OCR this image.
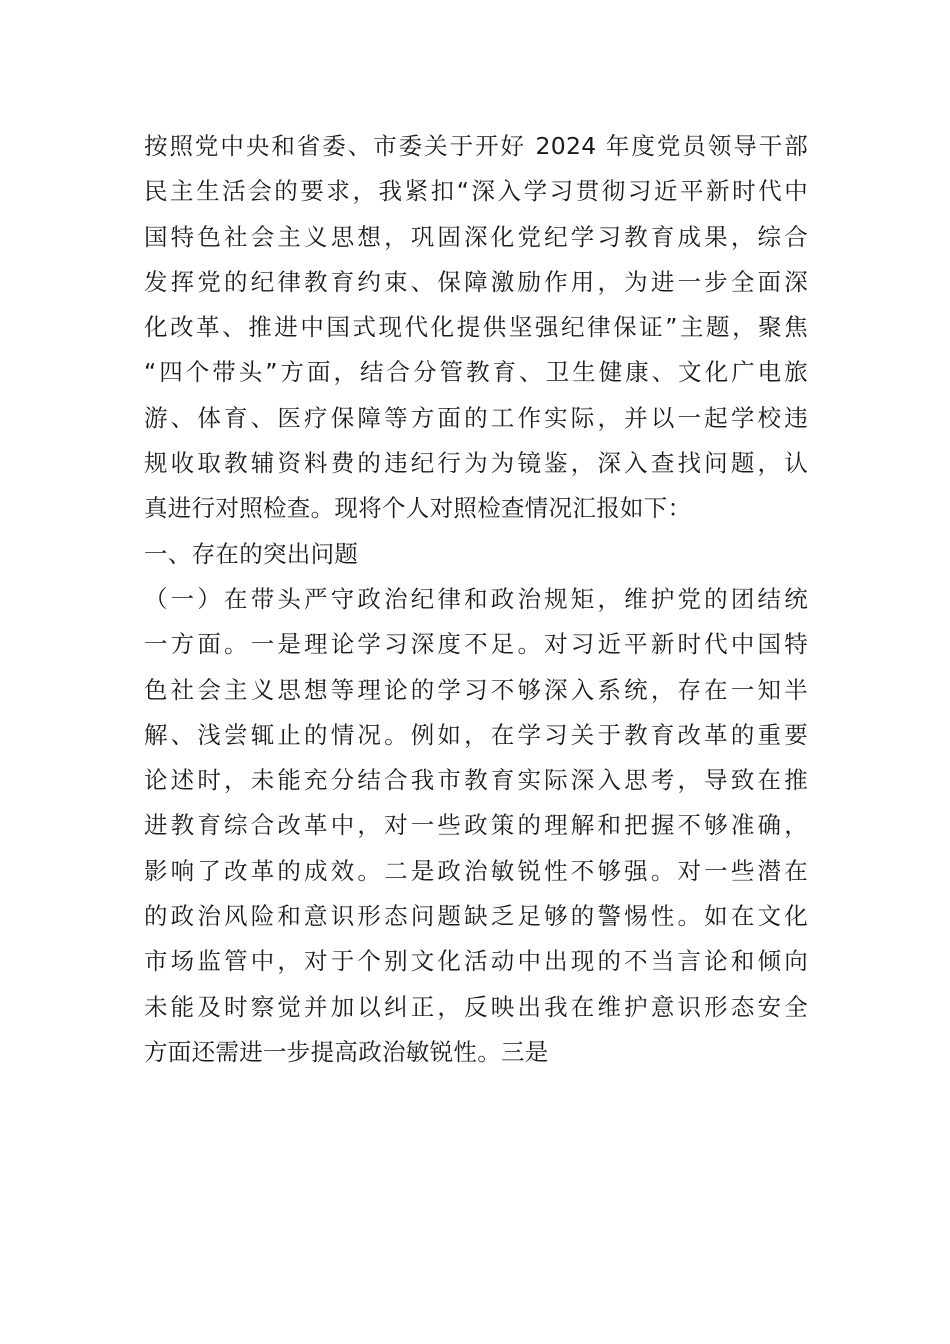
按照党中央和省委、市委关于开好 2024 年度党员领导干部
民主生活会的要求，我紧扣“深入学习贯彻习近平新时代中
国特色社会主义思想，巩固深化党纪学习教育成果，综合
发挥党的纪律教育约束、保障激励作用，为进一步全面深
化改革、推进中国式现代化提供坚强纪律保证”主题，聚焦
“四个带头”方面，结合分管教育、卫生健康、文化广电旅
游、体育、医疗保障等方面的工作实际，并以一起学校违
规收取教辅资料费的违纪行为为镜鉴，深入查找问题，认
真进行对照检查。现将个人对照检查情况汇报如下：
一、存在的突出问题
（一）在带头严守政治纪律和政治规矩，维护党的团结统
一方面。一是理论学习深度不足。对习近平新时代中国特
色社会主义思想等理论的学习不够深入系统，存在一知半
解、浅尝辄止的情况。例如，在学习关于教育改革的重要
论述时，未能充分结合我市教育实际深入思考，导致在推
进教育综合改革中，对一些政策的理解和把握不够准确，
影响了改革的成效。二是政治敏锐性不够强。对一些潜在
的政治风险和意识形态问题缺乏足够的警惕性。如在文化
市场监管中，对于个别文化活动中出现的不当言论和倾向
未能及时察觉并加以纠正，反映出我在维护意识形态安全
方面还需进一步提高政治敏锐性。三是
